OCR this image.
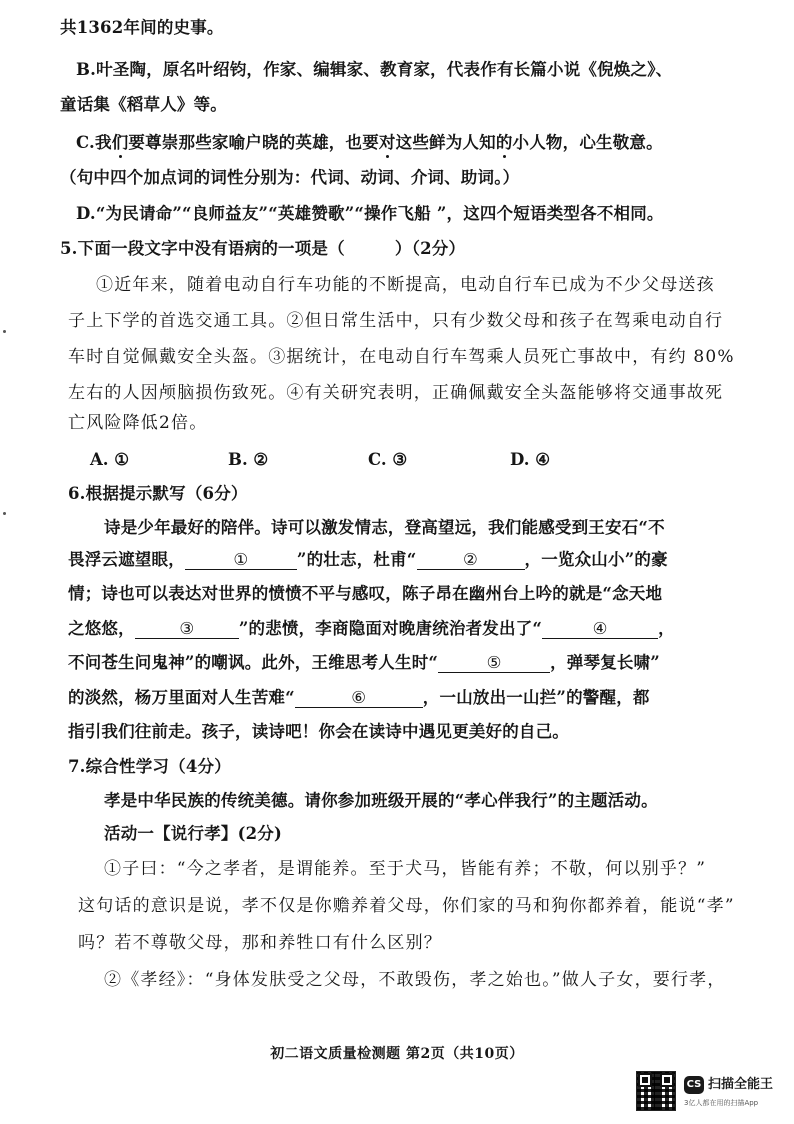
共1362年间的史事。
B.叶圣陶，原名叶绍钧，作家、编辑家、教育家，代表作有长篇小说《倪焕之》、
童话集《稻草人》等。
C.我们要尊崇那些家喻户晓的英雄，也要对这些鲜为人知的小人物，心生敬意。
（句中四个加点词的词性分别为：代词、动词、介词、助词。）
D.“为民请命”“良师益友”“英雄赞歌”“操作飞船 ”，这四个短语类型各不相同。
5.下面一段文字中没有语病的一项是（　　　）（2分）
①近年来，随着电动自行车功能的不断提高，电动自行车已成为不少父母送孩
子上下学的首选交通工具。②但日常生活中，只有少数父母和孩子在驾乘电动自行
车时自觉佩戴安全头盔。③据统计，在电动自行车驾乘人员死亡事故中，有约 80%
左右的人因颅脑损伤致死。④有关研究表明，正确佩戴安全头盔能够将交通事故死
亡风险降低2倍。
A. ①	B. ②	C. ③	D. ④
6.根据提示默写（6分）
诗是少年最好的陪伴。诗可以激发情志，登高望远，我们能感受到王安石“不
畏浮云遮望眼，	①	”的壮志，杜甫“	②	，一览众山小”的豪
情；诗也可以表达对世界的愤愤不平与感叹，陈子昂在幽州台上吟的就是“念天地
之悠悠，	③	”的悲愤，李商隐面对晚唐统治者发出了“	④	，
不问苍生问鬼神”的嘲讽。此外，王维思考人生时“	⑤	，弹琴复长啸”
的淡然，杨万里面对人生苦难“	⑥	，一山放出一山拦”的警醒，都
指引我们往前走。孩子，读诗吧！你会在读诗中遇见更美好的自己。
7.综合性学习（4分）
孝是中华民族的传统美德。请你参加班级开展的“孝心伴我行”的主题活动。
活动一【说行孝】(2分)
①子曰：“今之孝者，是谓能养。至于犬马，皆能有养；不敬，何以别乎？”
这句话的意识是说，孝不仅是你赡养着父母，你们家的马和狗你都养着，能说“孝”
吗？若不尊敬父母，那和养牲口有什么区别？
②《孝经》：“身体发肤受之父母，不敢毁伤，孝之始也。”做人子女，要行孝，
初二语文质量检测题 第2页（共10页）
CS 扫描全能王
3亿人都在用的扫描App
